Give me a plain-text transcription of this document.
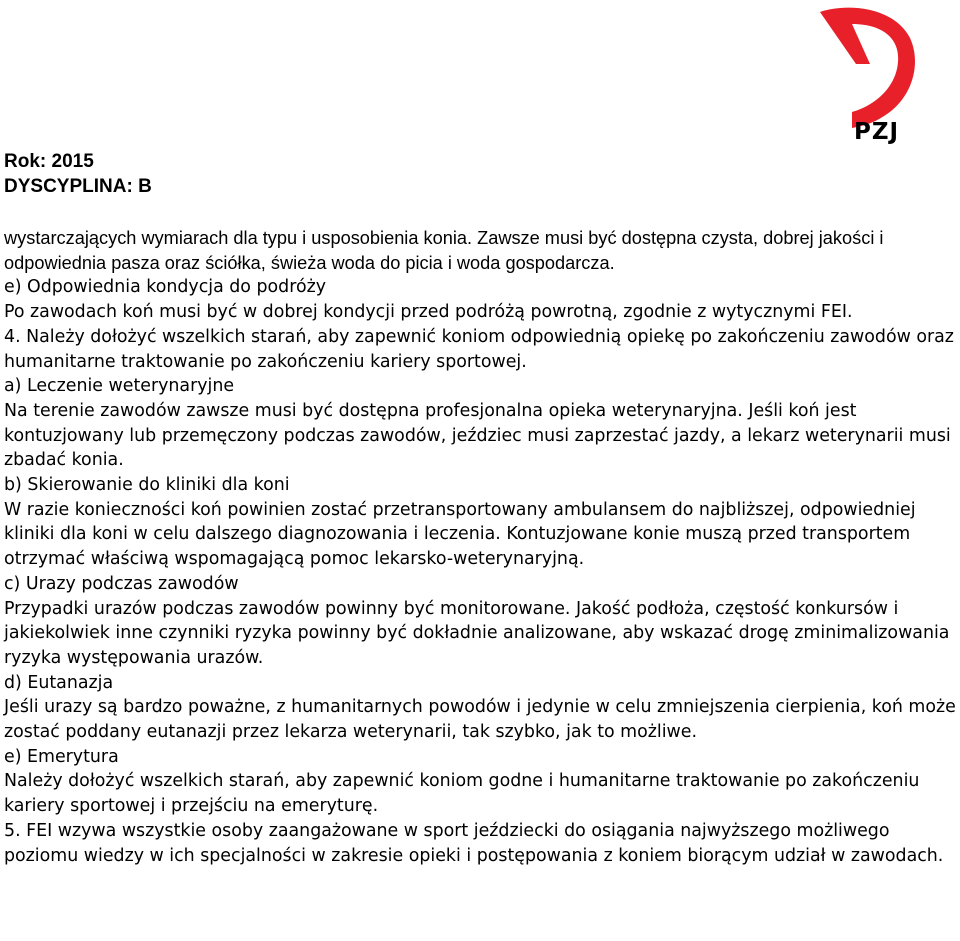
PZJ
Rok: 2015
DYSCYPLINA: B

wystarczających wymiarach dla typu i usposobienia konia. Zawsze musi być dostępna czysta, dobrej jakości i odpowiednia pasza oraz ściółka, świeża woda do picia i woda gospodarcza.

e) Odpowiednia kondycja do podróży

Po zawodach koń musi być w dobrej kondycji przed podróżą powrotną, zgodnie z wytycznymi FEI.

4. Należy dołożyć wszelkich starań, aby zapewnić koniom odpowiednią opiekę po zakończeniu zawodów oraz humanitarne traktowanie po zakończeniu kariery sportowej.

a) Leczenie weterynaryjne

Na terenie zawodów zawsze musi być dostępna profesjonalna opieka weterynaryjna. Jeśli koń jest kontuzjowany lub przemęczony podczas zawodów, jeździec musi zaprzestać jazdy, a lekarz weterynarii musi zbadać konia.

b) Skierowanie do kliniki dla koni

W razie konieczności koń powinien zostać przetransportowany ambulansem do najbliższej, odpowiedniej kliniki dla koni w celu dalszego diagnozowania i leczenia. Kontuzjowane konie muszą przed transportem otrzymać właściwą wspomagającą pomoc lekarsko-weterynaryjną.

c) Urazy podczas zawodów

Przypadki urazów podczas zawodów powinny być monitorowane. Jakość podłoża, częstość konkursów i jakiekolwiek inne czynniki ryzyka powinny być dokładnie analizowane, aby wskazać drogę zminimalizowania ryzyka występowania urazów.

d) Eutanazja

Jeśli urazy są bardzo poważne, z humanitarnych powodów i jedynie w celu zmniejszenia cierpienia, koń może zostać poddany eutanazji przez lekarza weterynarii, tak szybko, jak to możliwe.

e) Emerytura

Należy dołożyć wszelkich starań, aby zapewnić koniom godne i humanitarne traktowanie po zakończeniu kariery sportowej i przejściu na emeryturę.

5. FEI wzywa wszystkie osoby zaangażowane w sport jeździecki do osiągania najwyższego możliwego poziomu wiedzy w ich specjalności w zakresie opieki i postępowania z koniem biorącym udział w zawodach.
